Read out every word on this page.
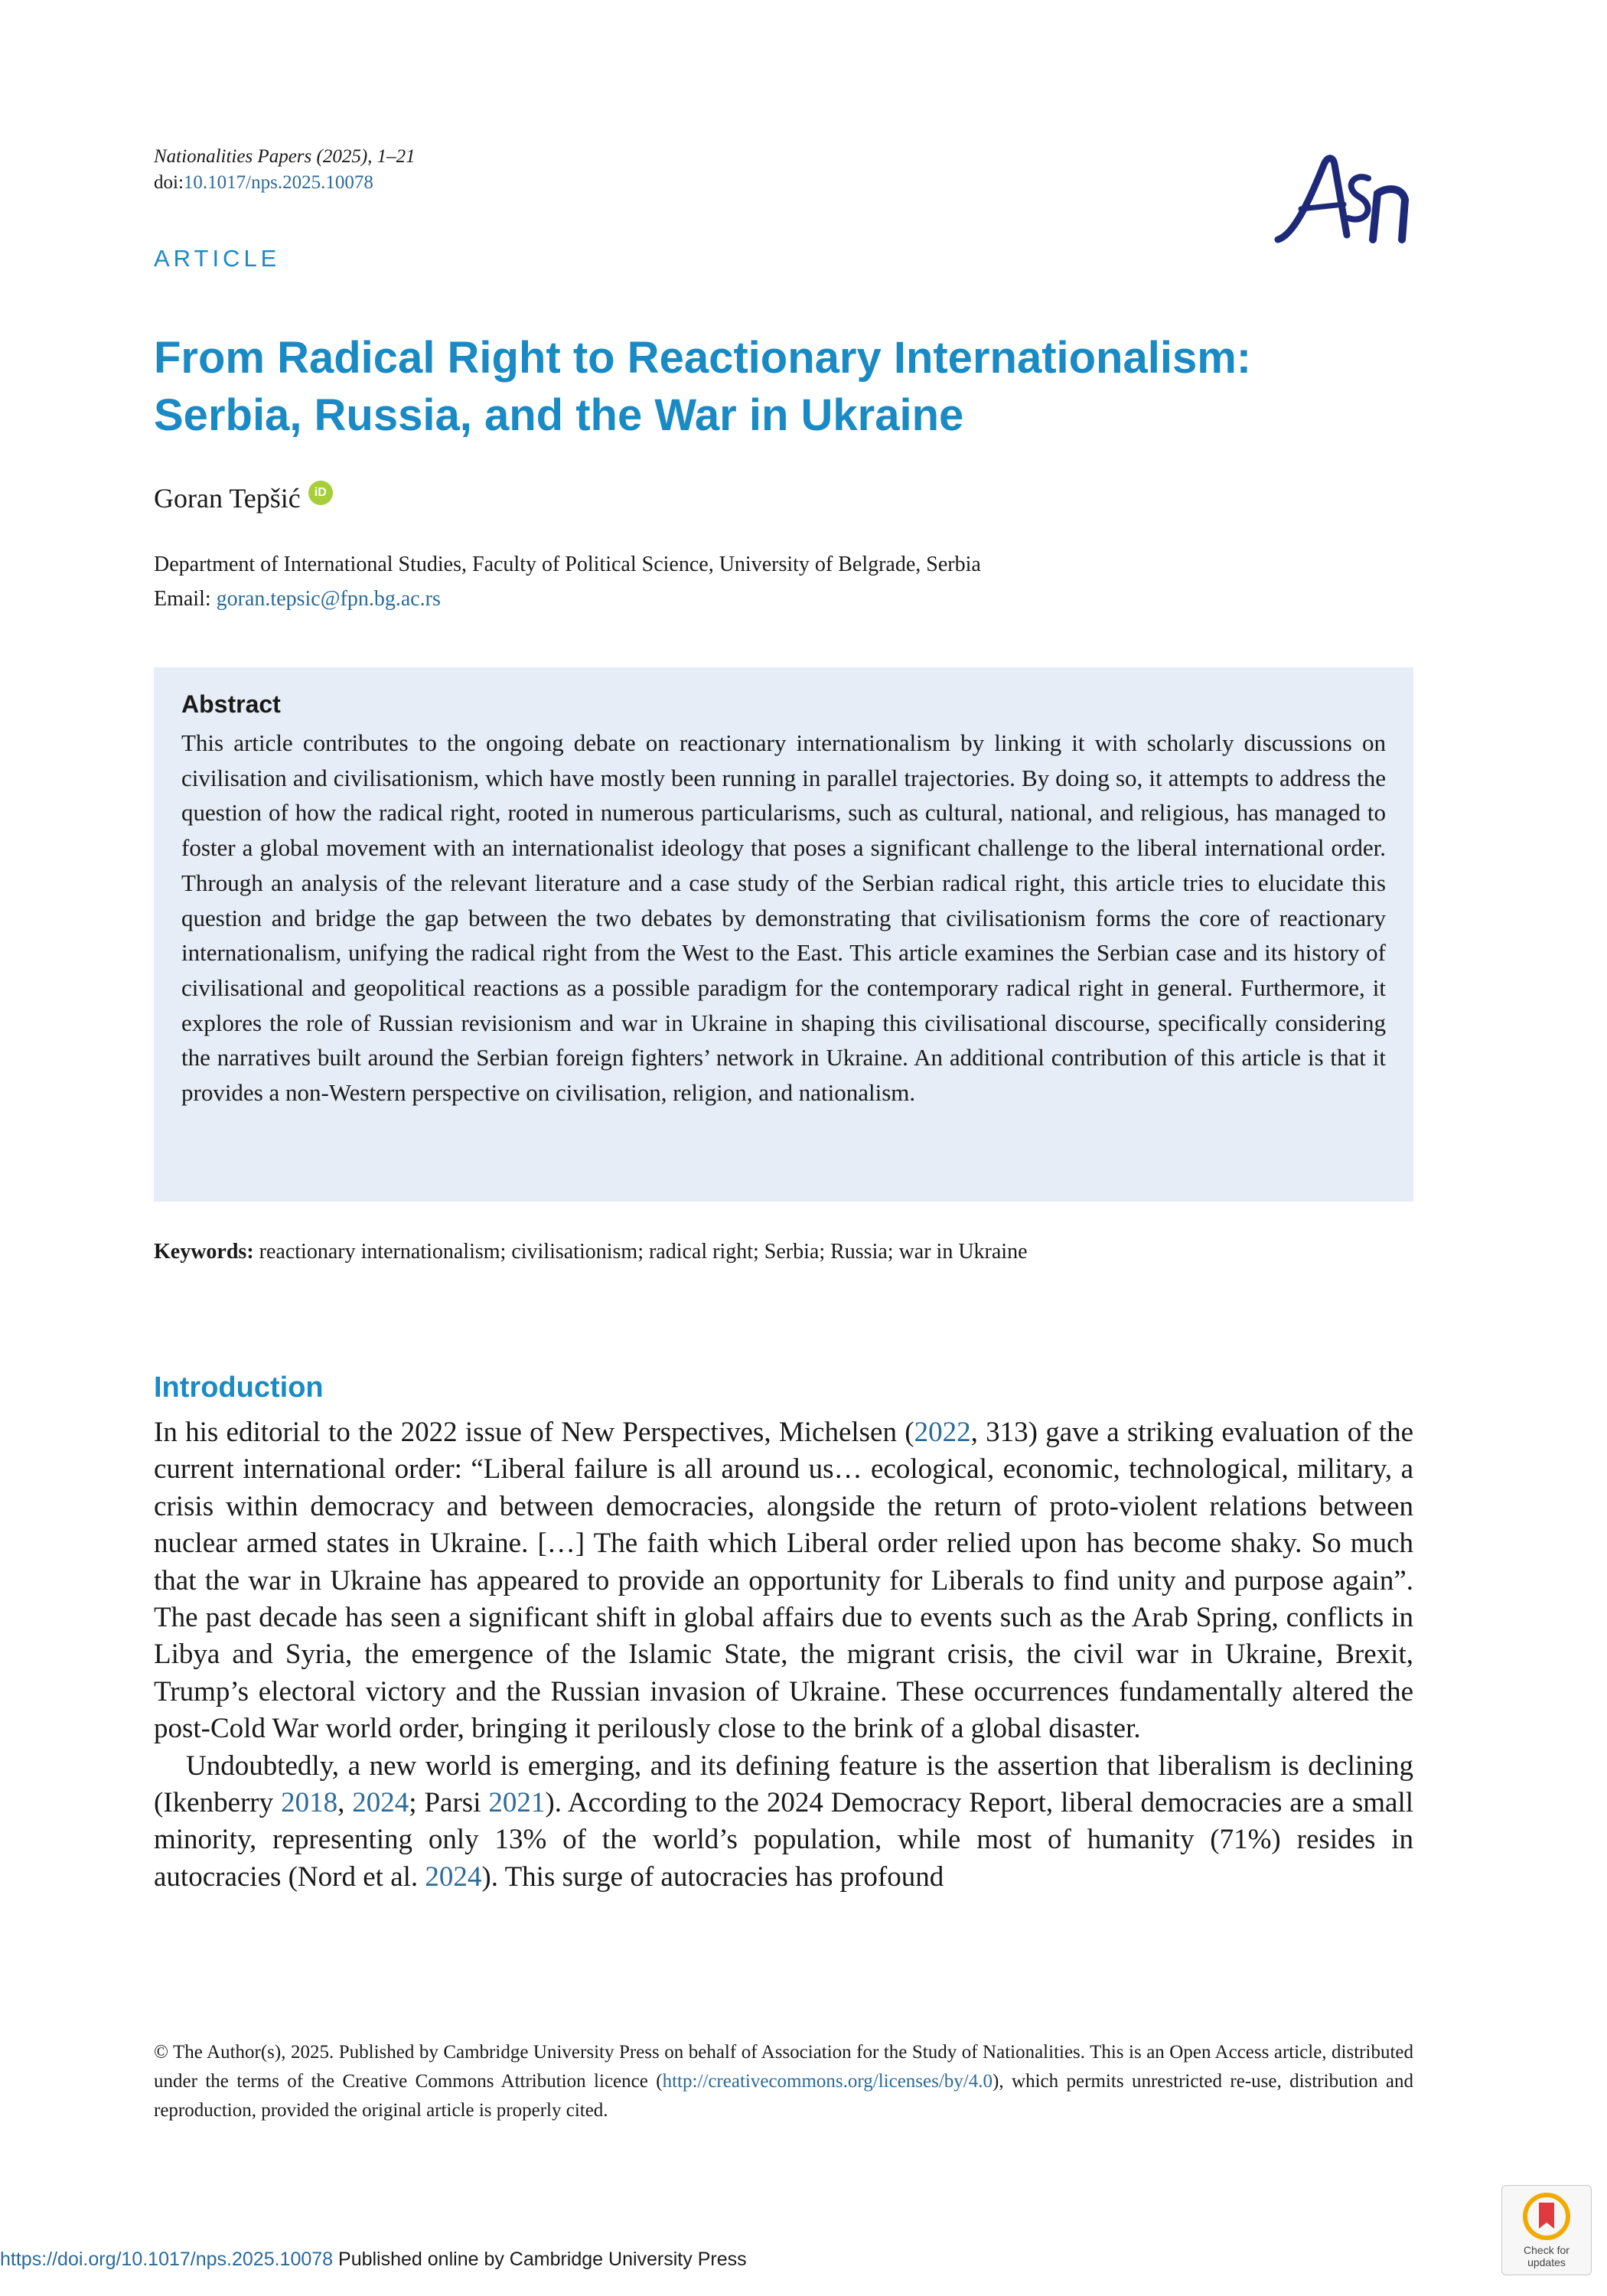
Nationalities Papers (2025), 1–21
doi:10.1017/nps.2025.10078
ARTICLE
From Radical Right to Reactionary Internationalism:
Serbia, Russia, and the War in Ukraine
Goran Tepšić	iD
Department of International Studies, Faculty of Political Science, University of Belgrade, Serbia
Email: goran.tepsic@fpn.bg.ac.rs
Abstract
This article contributes to the ongoing debate on reactionary internationalism by linking it with scholarly discussions on civilisation and civilisationism, which have mostly been running in parallel trajectories. By doing so, it attempts to address the question of how the radical right, rooted in numerous particularisms, such as cultural, national, and religious, has managed to foster a global movement with an internationalist ideology that poses a significant challenge to the liberal international order. Through an analysis of the relevant literature and a case study of the Serbian radical right, this article tries to elucidate this question and bridge the gap between the two debates by demonstrating that civilisationism forms the core of reactionary internationalism, unifying the radical right from the West to the East. This article examines the Serbian case and its history of civilisational and geopolitical reactions as a possible paradigm for the contemporary radical right in general. Furthermore, it explores the role of Russian revisionism and war in Ukraine in shaping this civilisational discourse, specifically considering the narratives built around the Serbian foreign fighters’ network in Ukraine. An additional contribution of this article is that it provides a non-Western perspective on civilisation, religion, and nationalism.
Keywords: reactionary internationalism; civilisationism; radical right; Serbia; Russia; war in Ukraine
Introduction

In his editorial to the 2022 issue of New Perspectives, Michelsen (2022, 313) gave a striking evaluation of the current international order: “Liberal failure is all around us… ecological, economic, technological, military, a crisis within democracy and between democracies, alongside the return of proto-violent relations between nuclear armed states in Ukraine. […] The faith which Liberal order relied upon has become shaky. So much that the war in Ukraine has appeared to provide an opportunity for Liberals to find unity and purpose again”. The past decade has seen a significant shift in global affairs due to events such as the Arab Spring, conflicts in Libya and Syria, the emergence of the Islamic State, the migrant crisis, the civil war in Ukraine, Brexit, Trump’s electoral victory and the Russian invasion of Ukraine. These occurrences fundamentally altered the post-Cold War world order, bringing it perilously close to the brink of a global disaster.

Undoubtedly, a new world is emerging, and its defining feature is the assertion that liberalism is declining (Ikenberry 2018, 2024; Parsi 2021). According to the 2024 Democracy Report, liberal democracies are a small minority, representing only 13% of the world’s population, while most of humanity (71%) resides in autocracies (Nord et al. 2024). This surge of autocracies has profound

© The Author(s), 2025. Published by Cambridge University Press on behalf of Association for the Study of Nationalities. This is an Open Access article, distributed under the terms of the Creative Commons Attribution licence (http://creativecommons.org/licenses/by/4.0), which permits unrestricted re-use, distribution and reproduction, provided the original article is properly cited.
https://doi.org/10.1017/nps.2025.10078 Published online by Cambridge University Press	Check for
updates
